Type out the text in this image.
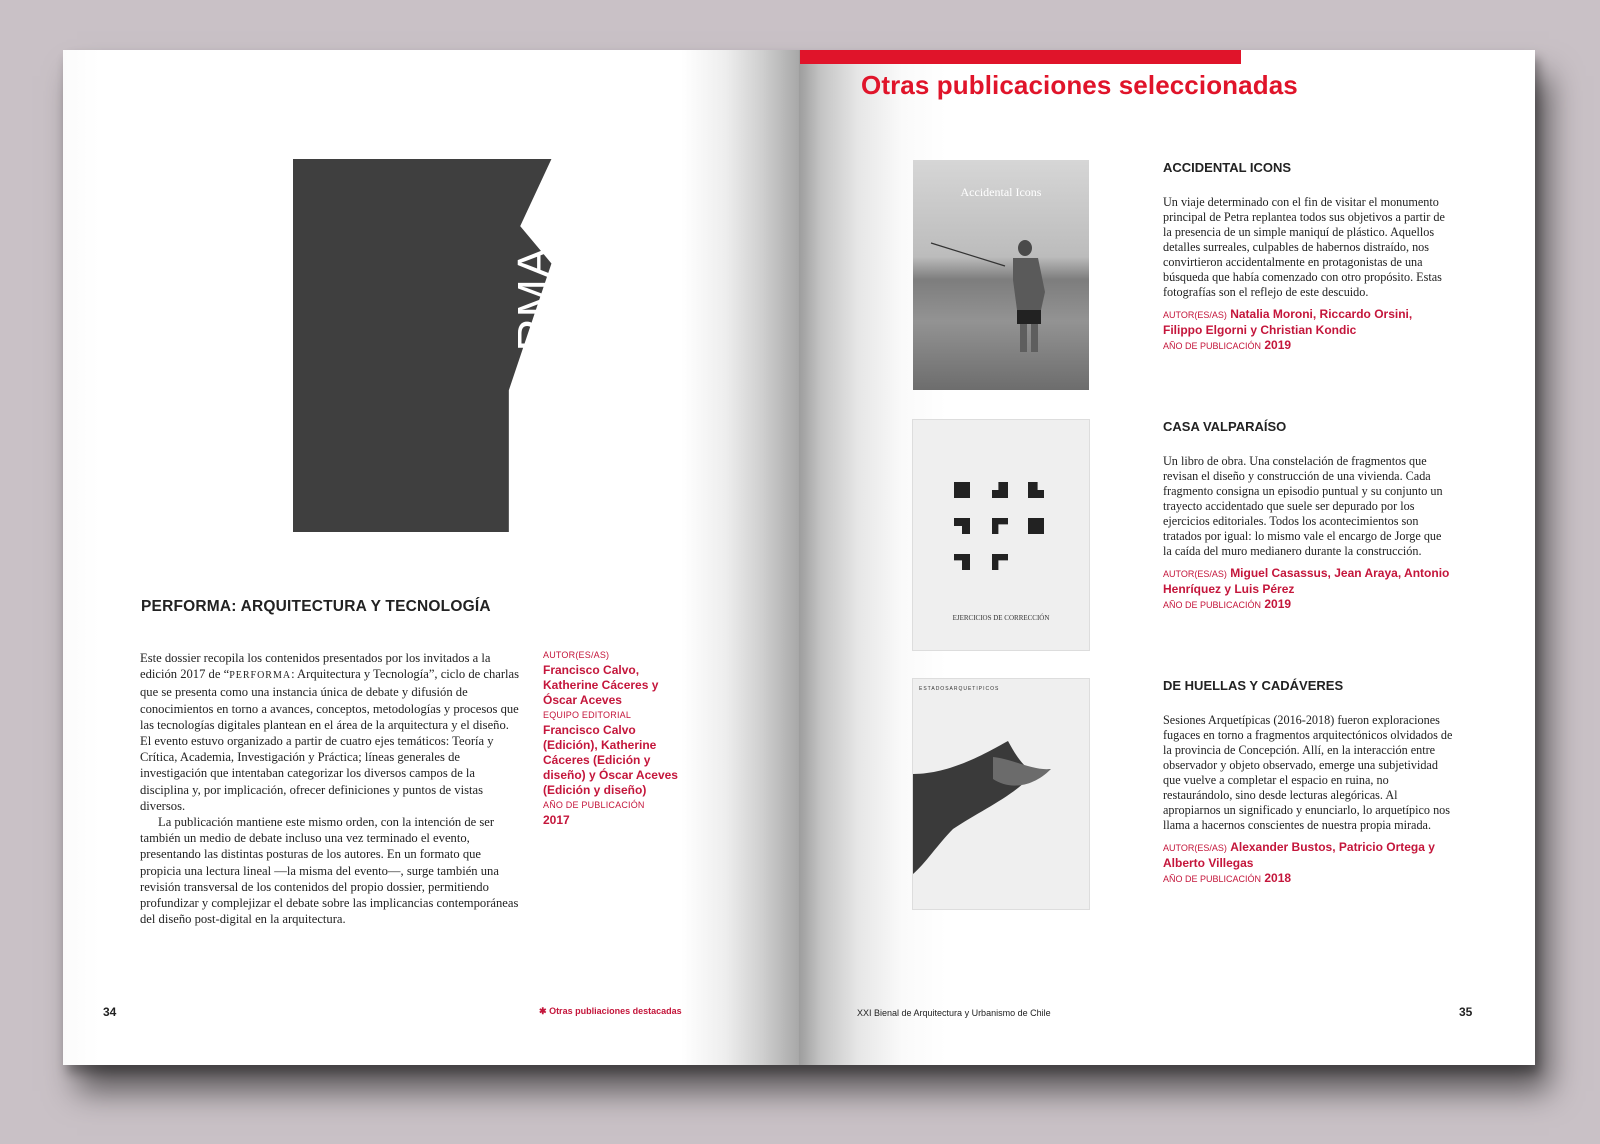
PERFORMA Arquitectura y Tecnología Valparaíso Chile 2017
PERFORMA: ARQUITECTURA Y TECNOLOGÍA

Este dossier recopila los contenidos presentados por los invitados a la edición 2017 de “PERFORMA: Arquitectura y Tecnología”, ciclo de charlas que se presenta como una instancia única de debate y difusión de conocimientos en torno a avances, conceptos, metodologías y procesos que las tecnologías digitales plantean en el área de la arquitectura y el diseño. El evento estuvo organizado a partir de cuatro ejes temáticos: Teoría y Crítica, Academia, Investigación y Práctica; líneas generales de investigación que intentaban categorizar los diversos campos de la disciplina y, por implicación, ofrecer definiciones y puntos de vistas diversos.

La publicación mantiene este mismo orden, con la intención de ser también un medio de debate incluso una vez terminado el evento, presentando las distintas posturas de los autores. En un formato que propicia una lectura lineal —la misma del evento—, surge también una revisión transversal de los contenidos del propio dossier, permitiendo profundizar y complejizar el debate sobre las implicancias contemporáneas del diseño post-digital en la arquitectura.

AUTOR(ES/AS)
Francisco Calvo, Katherine Cáceres y Óscar Aceves
EQUIPO EDITORIAL
Francisco Calvo (Edición), Katherine Cáceres (Edición y diseño) y Óscar Aceves (Edición y diseño)
AÑO DE PUBLICACIÓN
2017
34	✱ Otras publiaciones destacadas
Otras publicaciones seleccionadas
Accidental Icons
EJERCICIOS DE CORRECCIÓN
ESTADOSARQUETIPICOS
ACCIDENTAL ICONS
Un viaje determinado con el fin de visitar el monumento principal de Petra replantea todos sus objetivos a partir de la presencia de un simple maniquí de plástico. Aquellos detalles surreales, culpables de habernos distraído, nos convirtieron accidentalmente en protagonistas de una búsqueda que había comenzado con otro propósito. Estas fotografías son el reflejo de este descuido.
AUTOR(ES/AS) Natalia Moroni, Riccardo Orsini, Filippo Elgorni y Christian Kondic
AÑO DE PUBLICACIÓN 2019
CASA VALPARAÍSO
Un libro de obra. Una constelación de fragmentos que revisan el diseño y construcción de una vivienda. Cada fragmento consigna un episodio puntual y su conjunto un trayecto accidentado que suele ser depurado por los ejercicios editoriales. Todos los acontecimientos son tratados por igual: lo mismo vale el encargo de Jorge que la caída del muro medianero durante la construcción.
AUTOR(ES/AS) Miguel Casassus, Jean Araya, Antonio Henríquez y Luis Pérez
AÑO DE PUBLICACIÓN 2019
DE HUELLAS Y CADÁVERES
Sesiones Arquetípicas (2016-2018) fueron exploraciones fugaces en torno a fragmentos arquitectónicos olvidados de la provincia de Concepción. Allí, en la interacción entre observador y objeto observado, emerge una subjetividad que vuelve a completar el espacio en ruina, no restaurándolo, sino desde lecturas alegóricas. Al apropiarnos un significado y enunciarlo, lo arquetípico nos llama a hacernos conscientes de nuestra propia mirada.
AUTOR(ES/AS) Alexander Bustos, Patricio Ortega y Alberto Villegas
AÑO DE PUBLICACIÓN 2018
XXI Bienal de Arquitectura y Urbanismo de Chile	35
